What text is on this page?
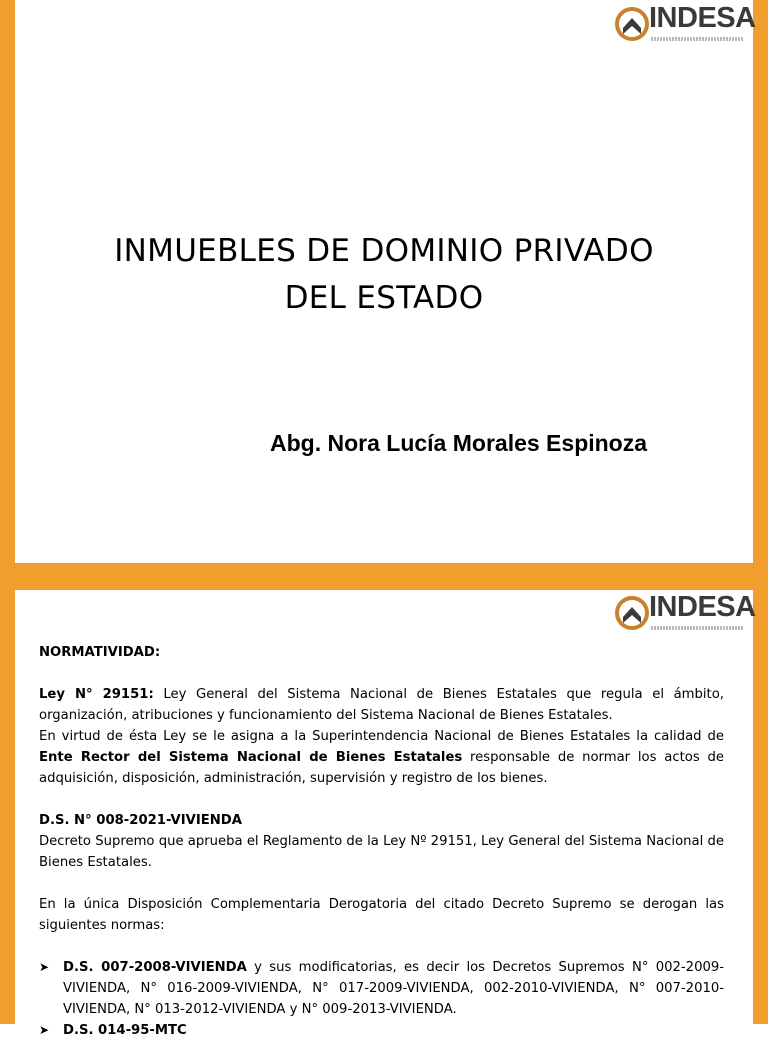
INDESA
INMUEBLES DE DOMINIO PRIVADO
DEL ESTADO
Abg. Nora Lucía Morales Espinoza
INDESA

NORMATIVIDAD:

Ley N° 29151: Ley General del Sistema Nacional de Bienes Estatales que regula el ámbito, organización, atribuciones y funcionamiento del Sistema Nacional de Bienes Estatales.

En virtud de ésta Ley se le asigna a la Superintendencia Nacional de Bienes Estatales la calidad de Ente Rector del Sistema Nacional de Bienes Estatales responsable de normar los actos de adquisición, disposición, administración, supervisión y registro de los bienes.

D.S. N° 008-2021-VIVIENDA

Decreto Supremo que aprueba el Reglamento de la Ley Nº 29151, Ley General del Sistema Nacional de Bienes Estatales.

En la única Disposición Complementaria Derogatoria del citado Decreto Supremo se derogan las siguientes normas:

➤ D.S. 007-2008-VIVIENDA y sus modificatorias, es decir los Decretos Supremos N° 002-2009-VIVIENDA, N° 016-2009-VIVIENDA, N° 017-2009-VIVIENDA, 002-2010-VIVIENDA, N° 007-2010-VIVIENDA, N° 013-2012-VIVIENDA y N° 009-2013-VIVIENDA.
➤ D.S. 014-95-MTC
